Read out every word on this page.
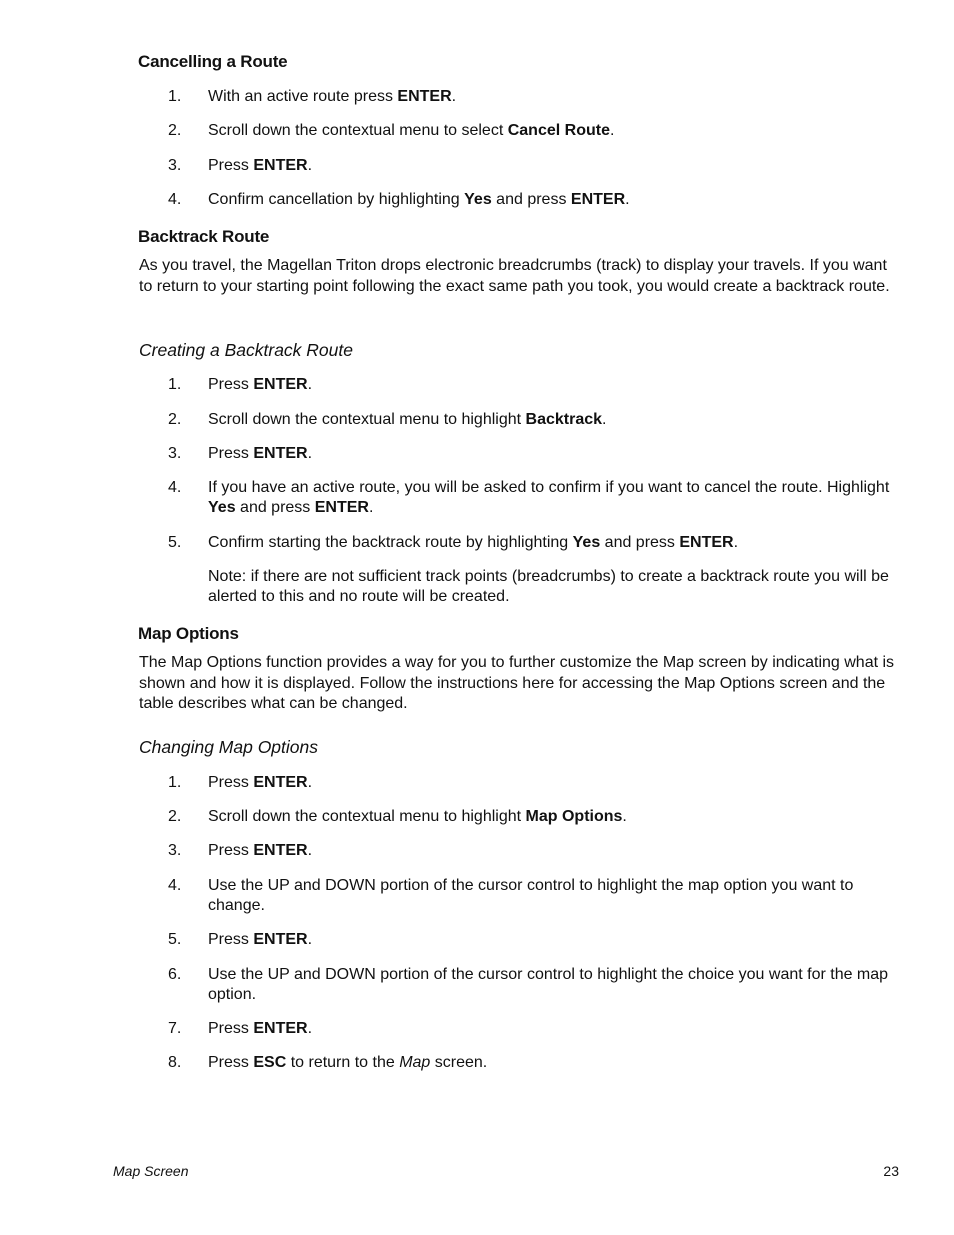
Cancelling a Route
1.	With an active route press ENTER.
2.	Scroll down the contextual menu to select Cancel Route.
3.	Press ENTER.
4.	Confirm cancellation by highlighting Yes and press ENTER.
Backtrack Route
As you travel, the Magellan Triton drops electronic breadcrumbs (track) to display your travels. If you want to return to your starting point following the exact same path you took, you would create a backtrack route.
Creating a Backtrack Route
1.	Press ENTER.
2.	Scroll down the contextual menu to highlight Backtrack.
3.	Press ENTER.
4.	If you have an active route, you will be asked to confirm if you want to cancel the route. Highlight Yes and press ENTER.
5.	Confirm starting the backtrack route by highlighting Yes and press ENTER.
Note: if there are not sufficient track points (breadcrumbs) to create a backtrack route you will be alerted to this and no route will be created.
Map Options
The Map Options function provides a way for you to further customize the Map screen by indicating what is shown and how it is displayed. Follow the instructions here for accessing the Map Options screen and the table describes what can be changed.
Changing Map Options
1.	Press ENTER.
2.	Scroll down the contextual menu to highlight Map Options.
3.	Press ENTER.
4.	Use the UP and DOWN portion of the cursor control to highlight the map option you want to change.
5.	Press ENTER.
6.	Use the UP and DOWN portion of the cursor control to highlight the choice you want for the map option.
7.	Press ENTER.
8.	Press ESC to return to the Map screen.
Map Screen	23
